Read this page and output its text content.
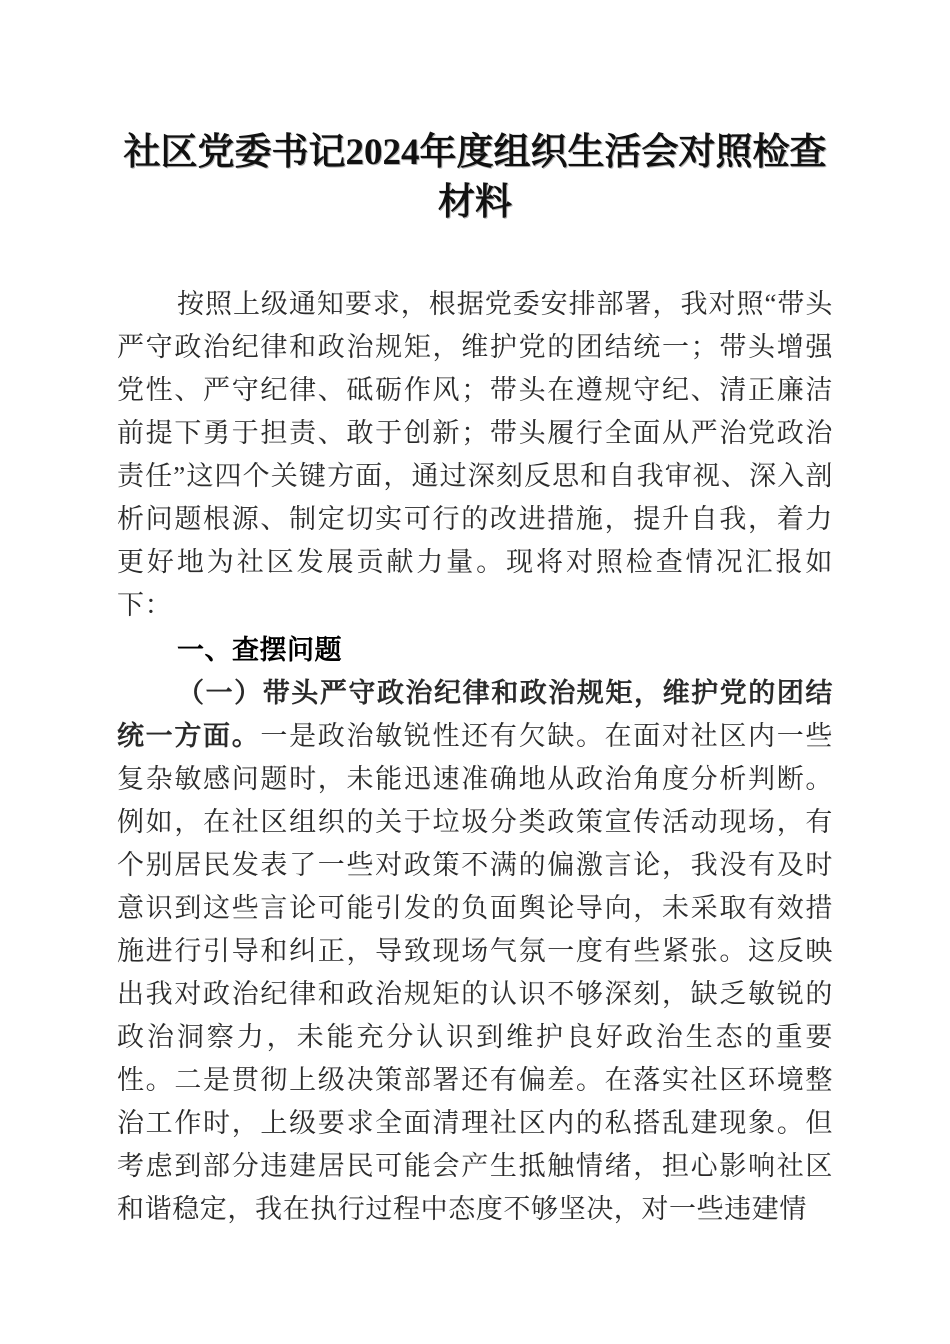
社区党委书记2024年度组织生活会对照检查
材料

按照上级通知要求，根据党委安排部署，我对照“带头严守政治纪律和政治规矩，维护党的团结统一；带头增强党性、严守纪律、砥砺作风；带头在遵规守纪、清正廉洁前提下勇于担责、敢于创新；带头履行全面从严治党政治责任”这四个关键方面，通过深刻反思和自我审视、深入剖析问题根源、制定切实可行的改进措施，提升自我，着力更好地为社区发展贡献力量。现将对照检查情况汇报如下：

一、查摆问题

（一）带头严守政治纪律和政治规矩，维护党的团结统一方面。一是政治敏锐性还有欠缺。在面对社区内一些复杂敏感问题时，未能迅速准确地从政治角度分析判断。例如，在社区组织的关于垃圾分类政策宣传活动现场，有个别居民发表了一些对政策不满的偏激言论，我没有及时意识到这些言论可能引发的负面舆论导向，未采取有效措施进行引导和纠正，导致现场气氛一度有些紧张。这反映出我对政治纪律和政治规矩的认识不够深刻，缺乏敏锐的政治洞察力，未能充分认识到维护良好政治生态的重要性。二是贯彻上级决策部署还有偏差。在落实社区环境整治工作时，上级要求全面清理社区内的私搭乱建现象。但考虑到部分违建居民可能会产生抵触情绪，担心影响社区和谐稳定，我在执行过程中态度不够坚决，对一些违建情
